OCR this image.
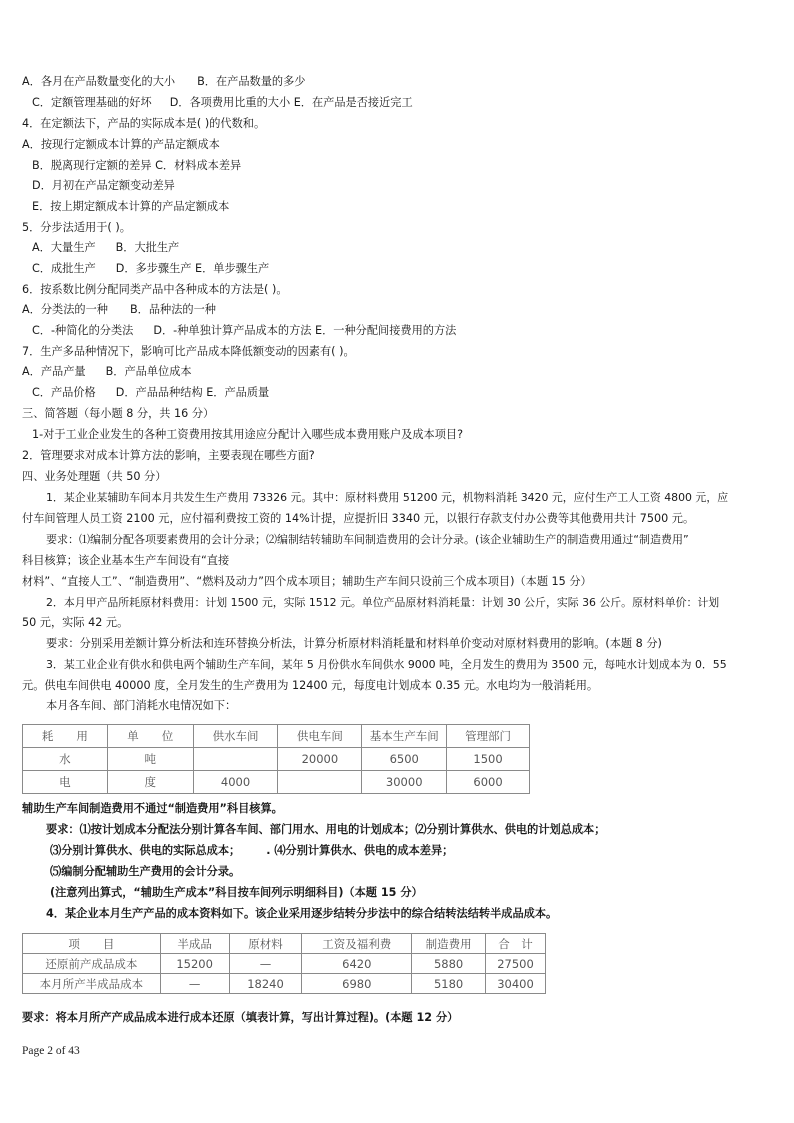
A．各月在产品数量变化的大小 B．在产品数量的多少
C．定额管理基础的好坏 D．各项费用比重的大小 E．在产品是否接近完工
4．在定额法下，产品的实际成本是( )的代数和。
A．按现行定额成本计算的产品定额成本
B．脱离现行定额的差异 C．材料成本差异
D．月初在产品定额变动差异
E．按上期定额成本计算的产品定额成本
5．分步法适用于( )。
A．大量生产 B．大批生产
C．成批生产 D．多步骤生产 E．单步骤生产
6．按系数比例分配同类产品中各种成本的方法是( )。
A．分类法的一种 B．品种法的一种
C．-种简化的分类法 D．-种单独计算产品成本的方法 E．一种分配间接费用的方法
7．生产多品种情况下，影响可比产品成本降低额变动的因素有( )。
A．产品产量 B．产品单位成本
C．产品价格 D．产品品种结构 E．产品质量
三、简答题（每小题 8 分，共 16 分）
1-对于工业企业发生的各种工资费用按其用途应分配计入哪些成本费用账户及成本项目?
2．管理要求对成本计算方法的影响，主要表现在哪些方面?
四、业务处理题（共 50 分）
1．某企业某辅助车间本月共发生生产费用 73326 元。其中：原材料费用 51200 元，机物料消耗 3420 元，应付生产工人工资 4800 元，应
付车间管理人员工资 2100 元，应付福利费按工资的 14%计提，应提折旧 3340 元，以银行存款支付办公费等其他费用共计 7500 元。
要求：⑴编制分配各项要素费用的会计分录；⑵编制结转辅助车间制造费用的会计分录。(该企业辅助生产的制造费用通过“制造费用”
科目核算；该企业基本生产车间设有“直接
材料”、“直接人工”、“制造费用”、“燃料及动力”四个成本项目；辅助生产车间只设前三个成本项目)（本题 15 分）
2．本月甲产品所耗原材料费用：计划 1500 元，实际 1512 元。单位产品原材料消耗量：计划 30 公斤，实际 36 公斤。原材料单价：计划
50 元，实际 42 元。
要求：分别采用差额计算分析法和连环替换分析法，计算分析原材料消耗量和材料单价变动对原材料费用的影响。(本题 8 分)
3．某工业企业有供水和供电两个辅助生产车间，某年 5 月份供水车间供水 9000 吨，全月发生的费用为 3500 元，每吨水计划成本为 0．55
元。供电车间供电 40000 度，全月发生的生产费用为 12400 元，每度电计划成本 0.35 元。水电均为一般消耗用。
本月各车间、部门消耗水电情况如下：
耗　　用	单　　位	供水车间	供电车间	基本生产车间	管理部门
水	吨		20000	6500	1500
电	度	4000		30000	6000
辅助生产车间制造费用不通过“制造费用”科目核算。
要求：⑴按计划成本分配法分别计算各车间、部门用水、用电的计划成本；⑵分别计算供水、供电的计划总成本；
⑶分别计算供水、供电的实际总成本； . ⑷分别计算供水、供电的成本差异；
⑸编制分配辅助生产费用的会计分录。
(注意列出算式，“辅助生产成本”科目按车间列示明细科目)（本题 15 分）
4．某企业本月生产产品的成本资料如下。该企业采用逐步结转分步法中的综合结转法结转半成品成本。
项　　目	半成品	原材料	工资及福利费	制造费用	合　计
还原前产成品成本	15200	—	6420	5880	27500
本月所产半成品成本	—	18240	6980	5180	30400
要求：将本月所产产成品成本进行成本还原（填表计算，写出计算过程)。(本题 12 分）
Page 2 of 43
